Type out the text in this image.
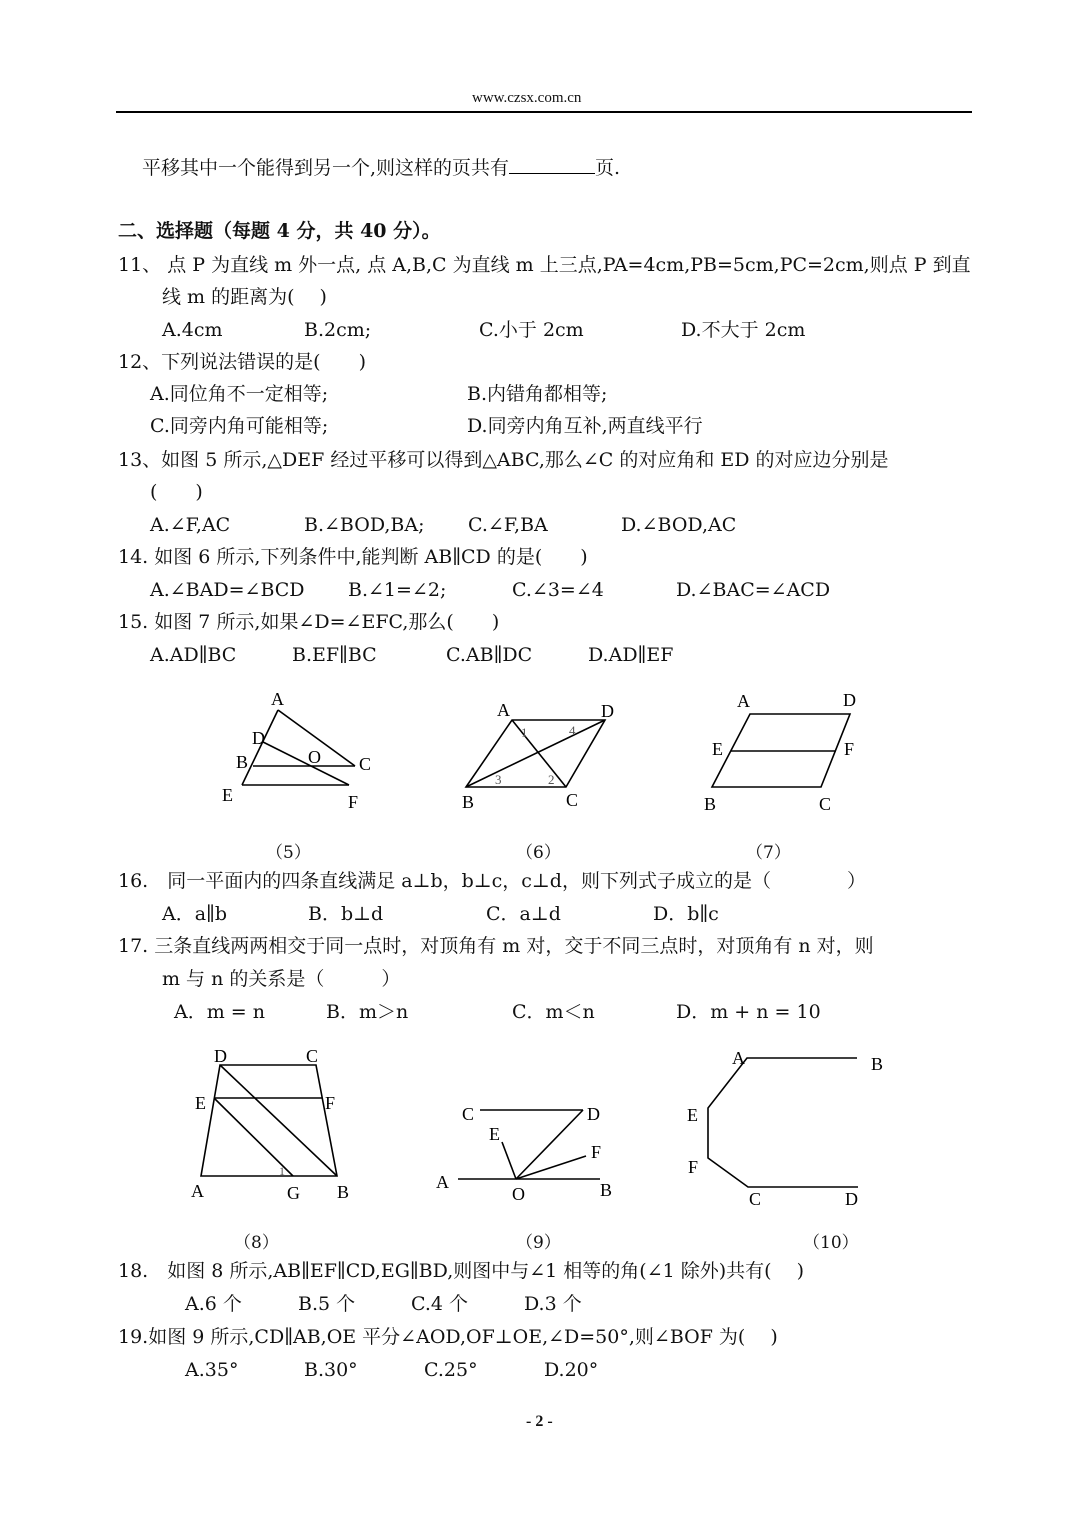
www.czsx.com.cn
平移其中一个能得到另一个,则这样的页共有	页.
二、选择题（每题 4 分，共 40 分）。
11、 点 P 为直线 m 外一点, 点 A,B,C 为直线 m 上三点,PA=4cm,PB=5cm,PC=2cm,则点 P 到直
线 m 的距离为(　 )
A.4cm	B.2cm;	C.小于 2cm	D.不大于 2cm
12、下列说法错误的是(　　)
A.同位角不一定相等;	B.内错角都相等;
C.同旁内角可能相等;	D.同旁内角互补,两直线平行
13、如图 5 所示,△DEF 经过平移可以得到△ABC,那么∠C 的对应角和 ED 的对应边分别是
(　　)
A.∠F,AC	B.∠BOD,BA; C.∠F,BA	D.∠BOD,AC
14. 如图 6 所示,下列条件中,能判断 AB∥CD 的是(　　)
A.∠BAD=∠BCD B.∠1=∠2;	C.∠3=∠4	D.∠BAC=∠ACD
15. 如图 7 所示,如果∠D=∠EFC,那么(　　)
A.AD∥BC	B.EF∥BC	C.AB∥DC	D.AD∥EF
A
D
B	O C
E	F
A	D
B	C
1	4
3	2
A	D
E	F
B	C
（5）	（6）	（7）
16.　同一平面内的四条直线满足 a⊥b，b⊥c，c⊥d，则下列式子成立的是（　　　　）
A．a∥b	B．b⊥d	C．a⊥d	D．b∥c
17. 三条直线两两相交于同一点时，对顶角有 m 对，交于不同三点时，对顶角有 n 对，则
m 与 n 的关系是（　　　）
A．m = n	B．m＞n	C．m＜n	D．m + n = 10
D	C
E	F
A	G B
1
C	D
E
F
A
O	B
A	B
E
F
C	D
（8）	（9）	（10）
18.　如图 8 所示,AB∥EF∥CD,EG∥BD,则图中与∠1 相等的角(∠1 除外)共有(　 )
A.6 个	B.5 个	C.4 个	D.3 个
19.如图 9 所示,CD∥AB,OE 平分∠AOD,OF⊥OE,∠D=50°,则∠BOF 为(　 )
A.35°	B.30°	C.25°	D.20°
- 2 -
